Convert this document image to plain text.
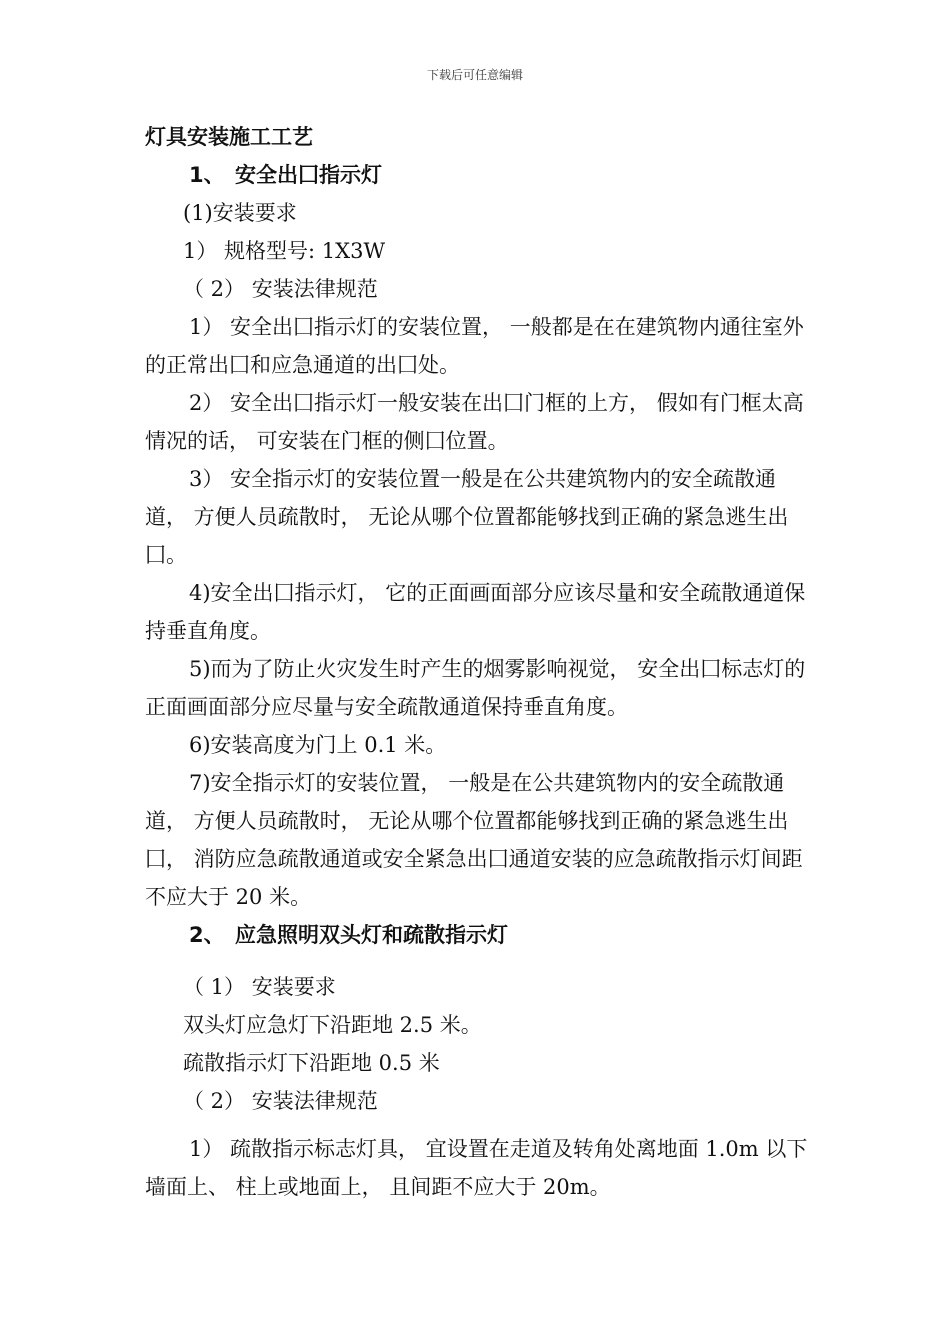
下载后可任意编辑

灯具安装施工工艺

1、 安全出囗指示灯

(1)安装要求

1） 规格型号: 1X3W

（ 2） 安装法律规范

1） 安全出囗指示灯的安装位置， 一般都是在在建筑物内通往室外的正常出囗和应急通道的出囗处。

2） 安全出囗指示灯一般安装在出囗门框的上方， 假如有门框太高情况的话， 可安装在门框的侧囗位置。

3） 安全指示灯的安装位置一般是在公共建筑物内的安全疏散通道， 方便人员疏散时， 无论从哪个位置都能够找到正确的紧急逃生出囗。

4)安全出囗指示灯， 它的正面画面部分应该尽量和安全疏散通道保持垂直角度。

5)而为了防止火灾发生时产生的烟雾影响视觉， 安全出囗标志灯的正面画面部分应尽量与安全疏散通道保持垂直角度。

6)安装高度为门上 0.1 米。

7)安全指示灯的安装位置， 一般是在公共建筑物内的安全疏散通道， 方便人员疏散时， 无论从哪个位置都能够找到正确的紧急逃生出囗， 消防应急疏散通道或安全紧急出囗通道安装的应急疏散指示灯间距不应大于 20 米。

2、 应急照明双头灯和疏散指示灯

（ 1） 安装要求

双头灯应急灯下沿距地 2.5 米。

疏散指示灯下沿距地 0.5 米

（ 2） 安装法律规范

1） 疏散指示标志灯具， 宜设置在走道及转角处离地面 1.0m 以下墙面上、 柱上或地面上， 且间距不应大于 20m。
